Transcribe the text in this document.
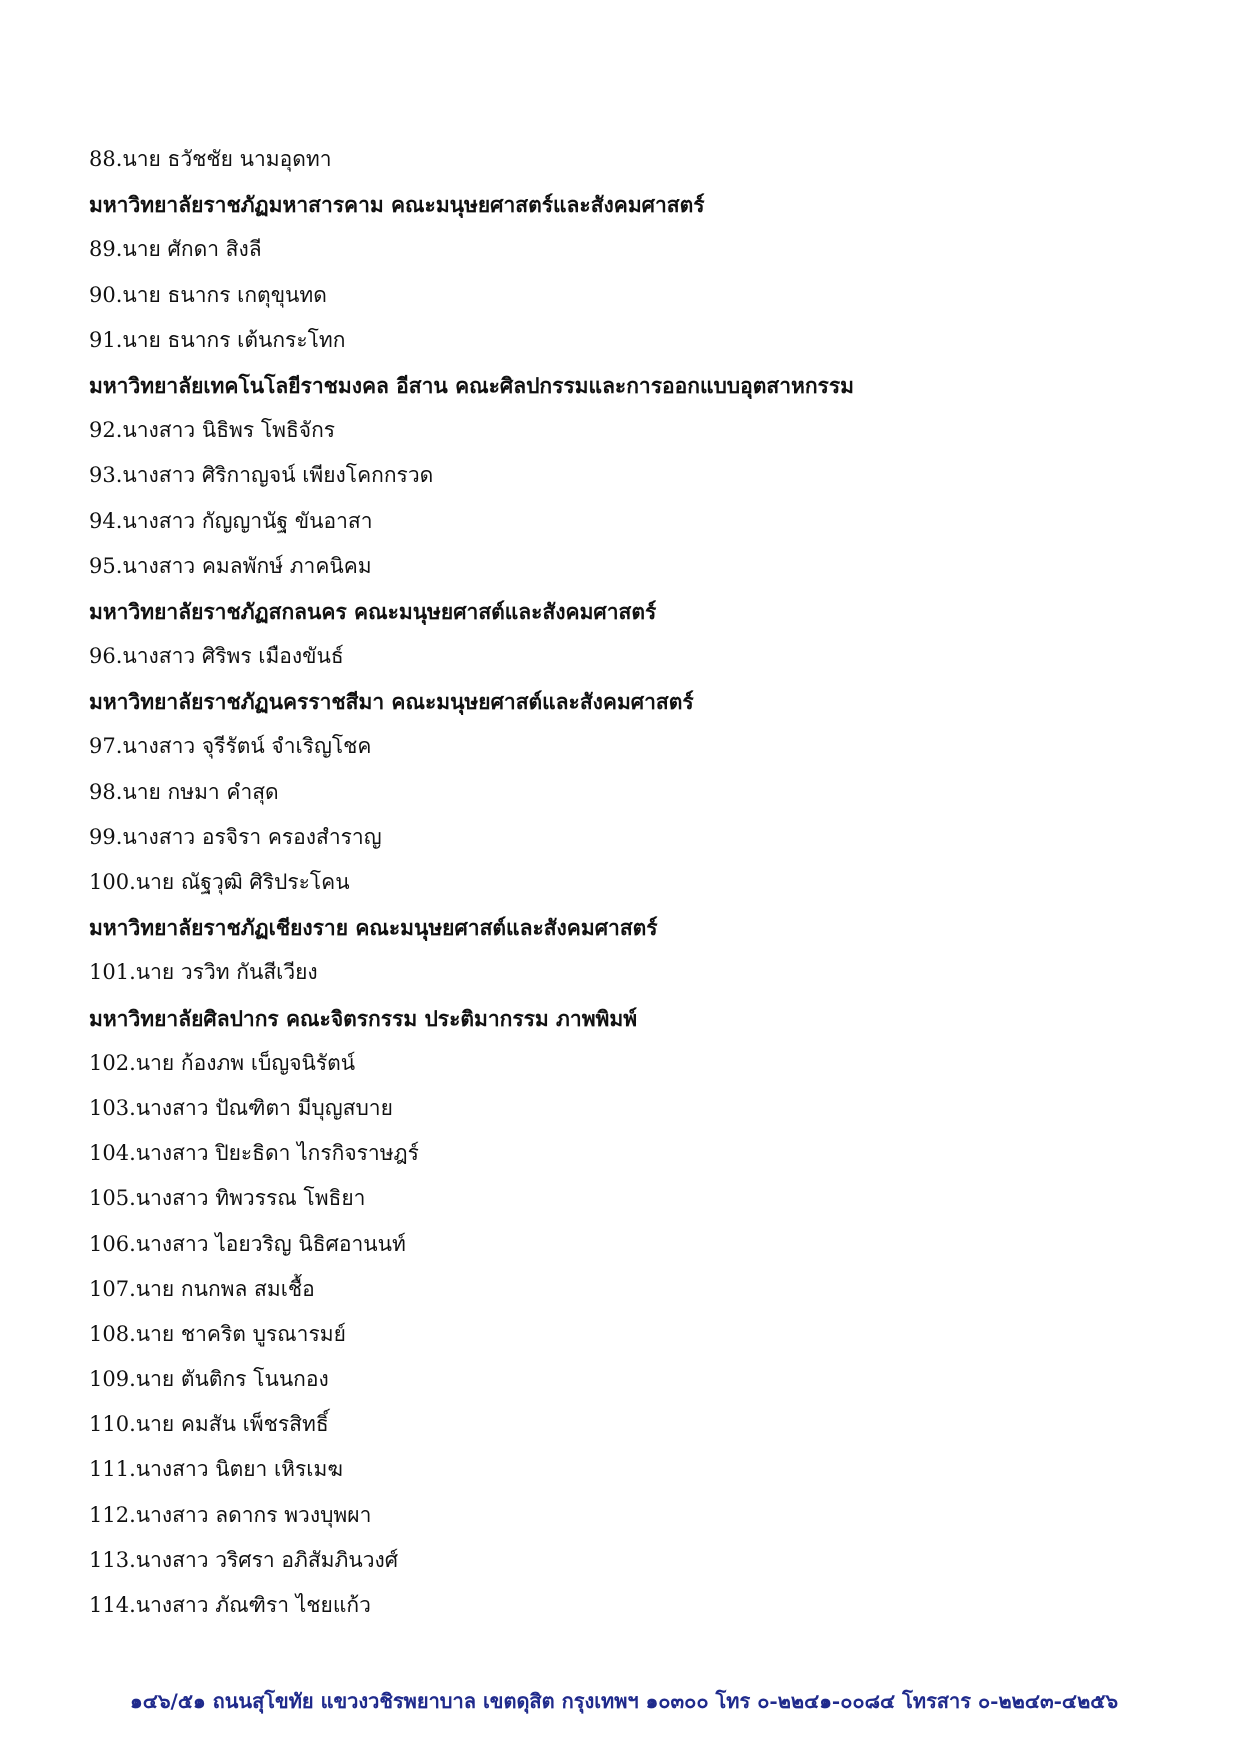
88.นาย ธวัชชัย นามอุดทา
มหาวิทยาลัยราชภัฏมหาสารคาม คณะมนุษยศาสตร์และสังคมศาสตร์
89.นาย ศักดา สิงลี
90.นาย ธนากร เกตุขุนทด
91.นาย ธนากร เต้นกระโทก
มหาวิทยาลัยเทคโนโลยีราชมงคล อีสาน คณะศิลปกรรมและการออกแบบอุตสาหกรรม
92.นางสาว นิธิพร โพธิจักร
93.นางสาว ศิริกาญจน์ เพียงโคกกรวด
94.นางสาว กัญญานัฐ ขันอาสา
95.นางสาว คมลพักษ์ ภาคนิคม
มหาวิทยาลัยราชภัฏสกลนคร คณะมนุษยศาสต์และสังคมศาสตร์
96.นางสาว ศิริพร เมืองขันธ์
มหาวิทยาลัยราชภัฏนครราชสีมา คณะมนุษยศาสต์และสังคมศาสตร์
97.นางสาว จุรีรัตน์ จำเริญโชค
98.นาย กษมา คำสุด
99.นางสาว อรจิรา ครองสำราญ
100.นาย ณัฐวุฒิ ศิริประโคน
มหาวิทยาลัยราชภัฏเชียงราย คณะมนุษยศาสต์และสังคมศาสตร์
101.นาย วรวิท กันสีเวียง
มหาวิทยาลัยศิลปากร คณะจิตรกรรม ประติมากรรม ภาพพิมพ์
102.นาย ก้องภพ เบ็ญจนิรัตน์
103.นางสาว ปัณฑิตา มีบุญสบาย
104.นางสาว ปิยะธิดา ไกรกิจราษฎร์
105.นางสาว ทิพวรรณ โพธิยา
106.นางสาว ไอยวริญ นิธิศอานนท์
107.นาย กนกพล สมเชื้อ
108.นาย ชาคริต บูรณารมย์
109.นาย ตันติกร โนนกอง
110.นาย คมสัน เพ็ชรสิทธิ์
111.นางสาว นิตยา เหิรเมฆ
112.นางสาว ลดากร พวงบุพผา
113.นางสาว วริศรา อภิสัมภินวงศ์
114.นางสาว ภัณฑิรา ไชยแก้ว
๑๔๖/๕๑ ถนนสุโขทัย แขวงวชิรพยาบาล เขตดุสิต กรุงเทพฯ ๑๐๓๐๐ โทร ๐-๒๒๔๑-๐๐๘๔ โทรสาร ๐-๒๒๔๓-๔๒๕๖
